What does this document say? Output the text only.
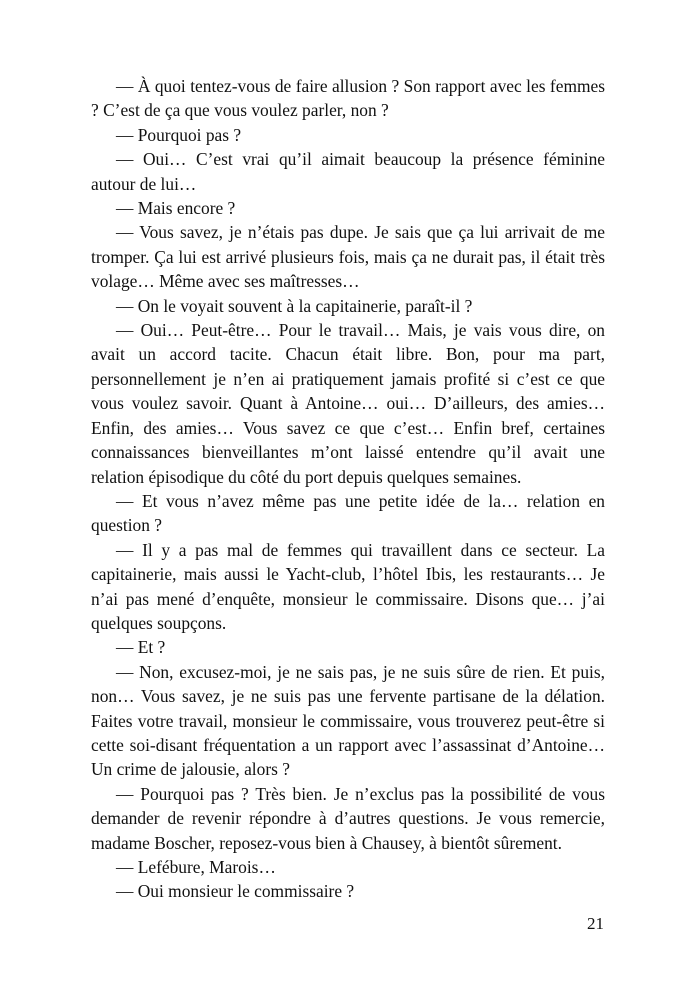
— À quoi tentez-vous de faire allusion ? Son rapport avec les femmes ? C’est de ça que vous voulez parler, non ?

— Pourquoi pas ?

— Oui… C’est vrai qu’il aimait beaucoup la présence féminine autour de lui…

— Mais encore ?

— Vous savez, je n’étais pas dupe. Je sais que ça lui arrivait de me tromper. Ça lui est arrivé plusieurs fois, mais ça ne durait pas, il était très volage… Même avec ses maîtresses…

— On le voyait souvent à la capitainerie, paraît-il ?

— Oui… Peut-être… Pour le travail… Mais, je vais vous dire, on avait un accord tacite. Chacun était libre. Bon, pour ma part, personnellement je n’en ai pratiquement jamais profité si c’est ce que vous voulez savoir. Quant à Antoine… oui… D’ailleurs, des amies… Enfin, des amies… Vous savez ce que c’est… Enfin bref, certaines connaissances bienveillantes m’ont laissé entendre qu’il avait une relation épisodique du côté du port depuis quelques semaines.

— Et vous n’avez même pas une petite idée de la… relation en question ?

— Il y a pas mal de femmes qui travaillent dans ce secteur. La capitainerie, mais aussi le Yacht-club, l’hôtel Ibis, les restaurants… Je n’ai pas mené d’enquête, monsieur le commissaire. Disons que… j’ai quelques soupçons.

— Et ?

— Non, excusez-moi, je ne sais pas, je ne suis sûre de rien. Et puis, non… Vous savez, je ne suis pas une fervente partisane de la délation. Faites votre travail, monsieur le commissaire, vous trouverez peut-être si cette soi-disant fréquentation a un rapport avec l’assassinat d’Antoine… Un crime de jalousie, alors ?

— Pourquoi pas ? Très bien. Je n’exclus pas la possibilité de vous demander de revenir répondre à d’autres questions. Je vous remercie, madame Boscher, reposez-vous bien à Chausey, à bientôt sûrement.

— Lefébure, Marois…

— Oui monsieur le commissaire ?

21
